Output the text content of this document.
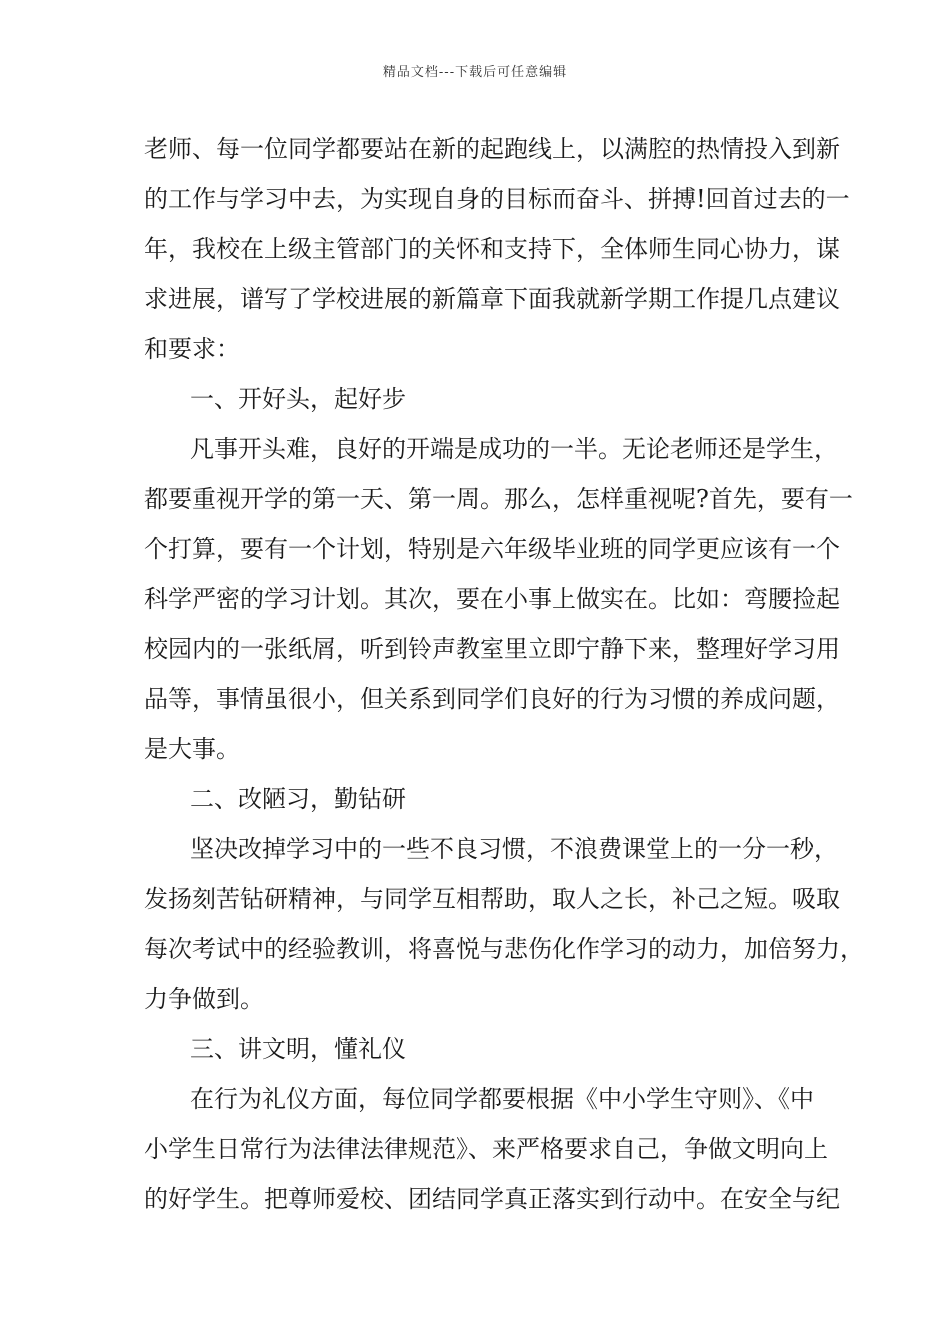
精品文档---下载后可任意编辑
老师、每一位同学都要站在新的起跑线上，以满腔的热情投入到新
的工作与学习中去，为实现自身的目标而奋斗、拼搏!回首过去的一
年，我校在上级主管部门的关怀和支持下，全体师生同心协力，谋
求进展，谱写了学校进展的新篇章下面我就新学期工作提几点建议
和要求：
一、开好头，起好步
凡事开头难，良好的开端是成功的一半。无论老师还是学生，
都要重视开学的第一天、第一周。那么，怎样重视呢?首先，要有一
个打算，要有一个计划，特别是六年级毕业班的同学更应该有一个
科学严密的学习计划。其次，要在小事上做实在。比如：弯腰捡起
校园内的一张纸屑，听到铃声教室里立即宁静下来，整理好学习用
品等，事情虽很小，但关系到同学们良好的行为习惯的养成问题，
是大事。
二、改陋习，勤钻研
坚决改掉学习中的一些不良习惯，不浪费课堂上的一分一秒，
发扬刻苦钻研精神，与同学互相帮助，取人之长，补己之短。吸取
每次考试中的经验教训，将喜悦与悲伤化作学习的动力，加倍努力，
力争做到。
三、讲文明，懂礼仪
在行为礼仪方面，每位同学都要根据《中小学生守则》、《中
小学生日常行为法律法律规范》、来严格要求自己，争做文明向上
的好学生。把尊师爱校、团结同学真正落实到行动中。在安全与纪
